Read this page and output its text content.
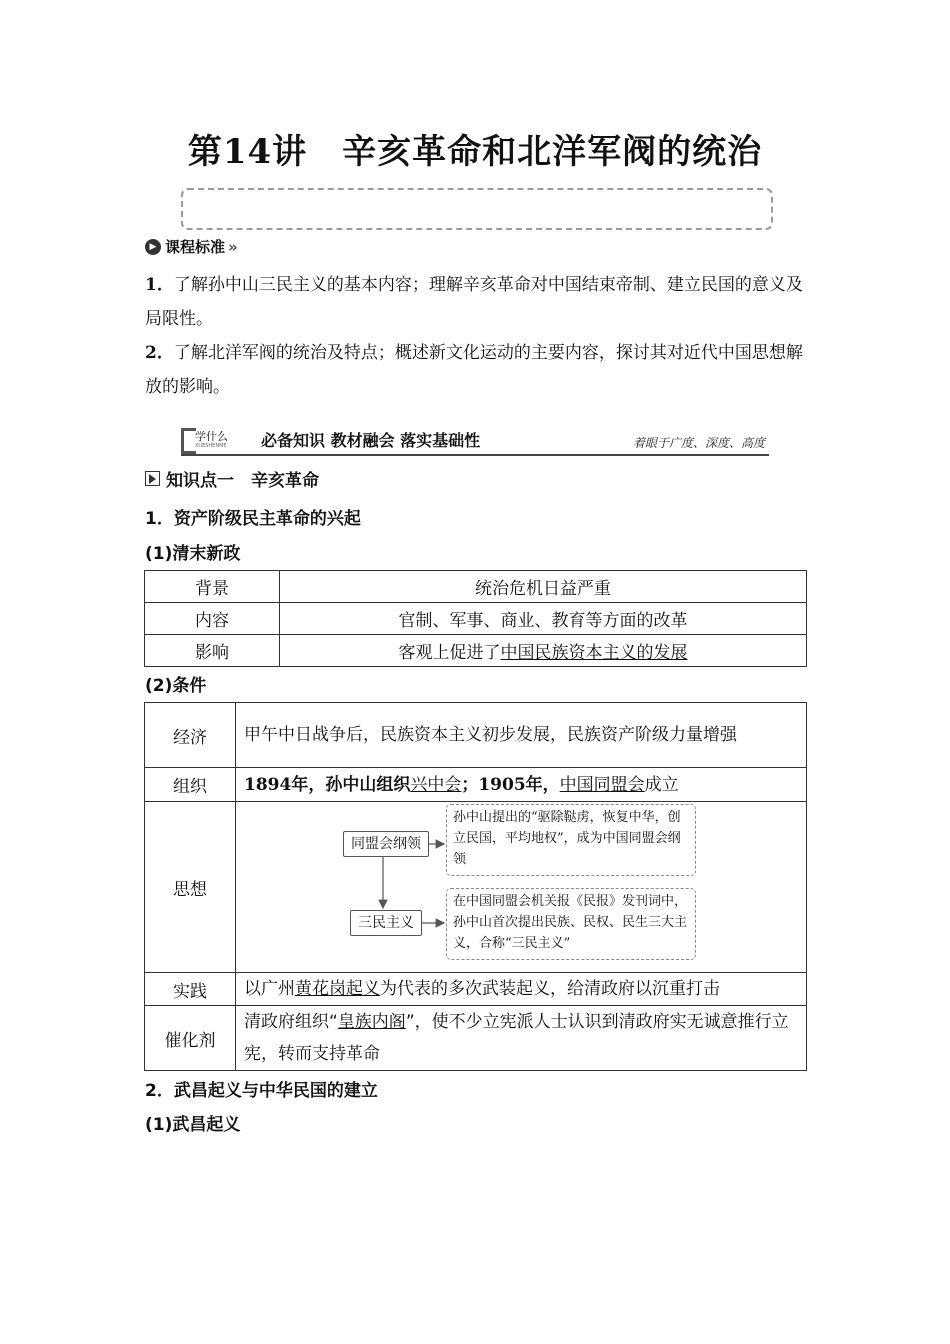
第14讲　辛亥革命和北洋军阀的统治
▶ 课程标准 »
1．了解孙中山三民主义的基本内容；理解辛亥革命对中国结束帝制、建立民国的意义及局限性。
2．了解北洋军阀的统治及特点；概述新文化运动的主要内容，探讨其对近代中国思想解放的影响。
学什么
XUESHENME 必备知识 教材融会 落实基础性	着眼于广度、深度、高度
知识点一　辛亥革命
1．资产阶级民主革命的兴起
(1)清末新政
背景	统治危机日益严重
内容	官制、军事、商业、教育等方面的改革
影响	客观上促进了中国民族资本主义的发展
(2)条件
经济	甲午中日战争后，民族资本主义初步发展，民族资产阶级力量增强
组织	1894年，孙中山组织兴中会；1905年，中国同盟会成立
思想	同盟会纲领
三民主义
孙中山提出的“驱除鞑虏，恢复中华，创立民国，平均地权”，成为中国同盟会纲领
在中国同盟会机关报《民报》发刊词中，孙中山首次提出民族、民权、民生三大主义，合称“三民主义”

实践	以广州黄花岗起义为代表的多次武装起义，给清政府以沉重打击
催化剂	清政府组织“皇族内阁”，使不少立宪派人士认识到清政府实无诚意推行立宪，转而支持革命
2．武昌起义与中华民国的建立
(1)武昌起义
